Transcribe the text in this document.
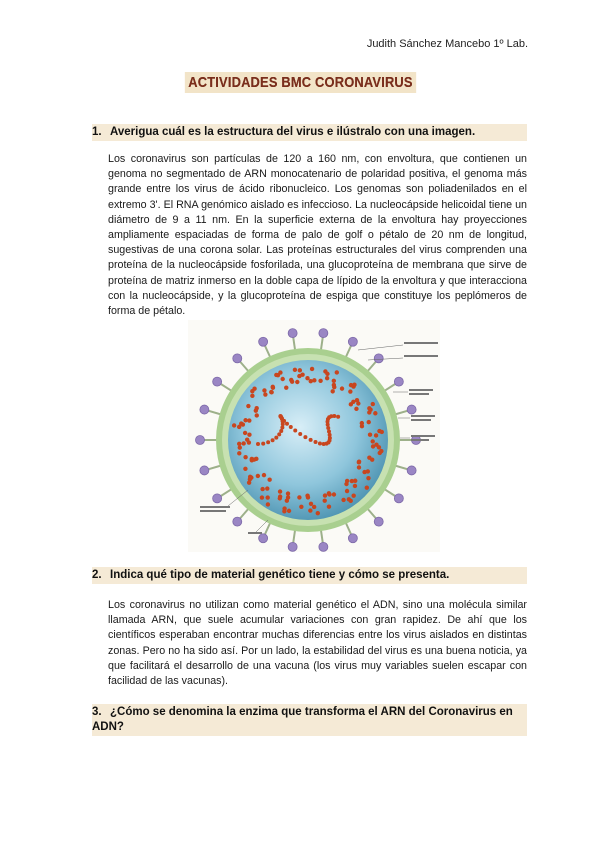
Judith Sánchez Mancebo 1º Lab.
ACTIVIDADES BMC CORONAVIRUS
1. Averigua cuál es la estructura del virus e ilústralo con una imagen.
Los coronavirus son partículas de 120 a 160 nm, con envoltura, que contienen un genoma no segmentado de ARN monocatenario de polaridad positiva, el genoma más grande entre los virus de ácido ribonucleico. Los genomas son poliadenilados en el extremo 3'. El RNA genómico aislado es infeccioso. La nucleocápside helicoidal tiene un diámetro de 9 a 11 nm. En la superficie externa de la envoltura hay proyecciones ampliamente espaciadas de forma de palo de golf o pétalo de 20 nm de longitud, sugestivas de una corona solar. Las proteínas estructurales del virus comprenden una proteína de la nucleocápside fosforilada, una glucoproteína de membrana que sirve de proteína de matriz inmerso en la doble capa de lípido de la envoltura y que interacciona con la nucleocápside, y la glucoproteína de espiga que constituye los peplómeros de forma de pétalo.
2. Indica qué tipo de material genético tiene y cómo se presenta.
Los coronavirus no utilizan como material genético el ADN, sino una molécula similar llamada ARN, que suele acumular variaciones con gran rapidez. De ahí que los científicos esperaban encontrar muchas diferencias entre los virus aislados en distintas zonas. Pero no ha sido así. Por un lado, la estabilidad del virus es una buena noticia, ya que facilitará el desarrollo de una vacuna (los virus muy variables suelen escapar con facilidad de las vacunas).
3. ¿Cómo se denomina la enzima que transforma el ARN del Coronavirus en ADN?
